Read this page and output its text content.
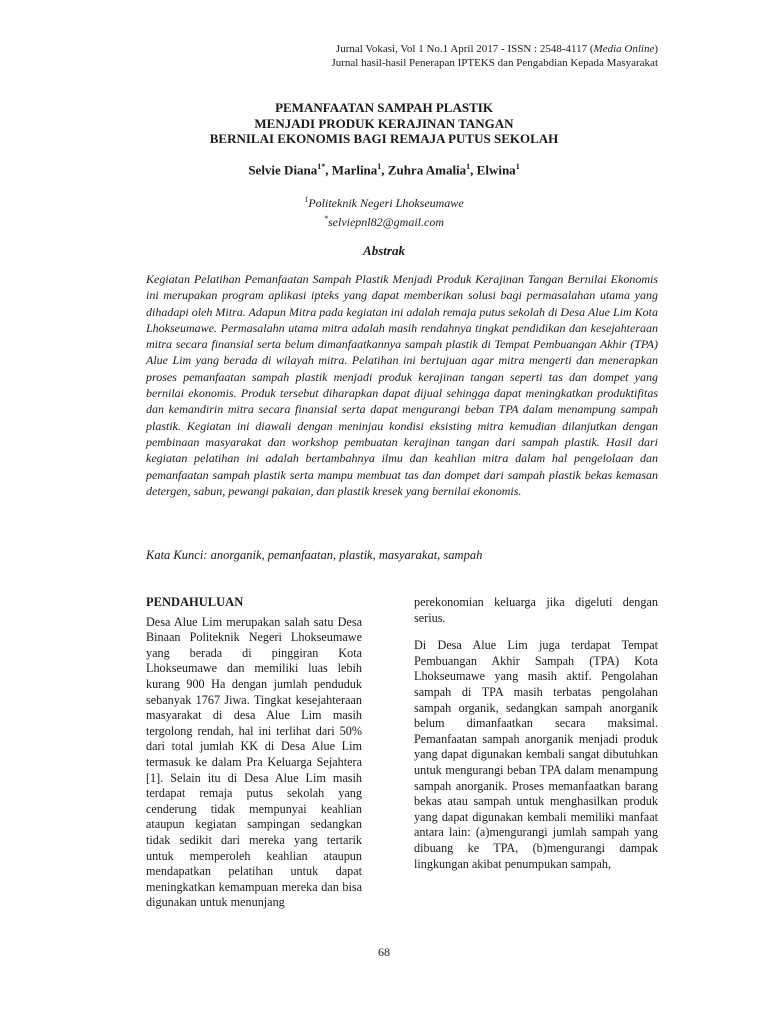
Jurnal Vokasi, Vol 1 No.1 April 2017 - ISSN : 2548-4117 (Media Online)
Jurnal hasil-hasil Penerapan IPTEKS dan Pengabdian Kepada Masyarakat
PEMANFAATAN SAMPAH PLASTIK
MENJADI PRODUK KERAJINAN TANGAN
BERNILAI EKONOMIS BAGI REMAJA PUTUS SEKOLAH
Selvie Diana$^{1*}$, Marlina$^1$, Zuhra Amalia$^1$, Elwina$^1$
$^1$Politeknik Negeri Lhokseumawe
*selviepnl82@gmail.com
Abstrak

Kegiatan Pelatihan Pemanfaatan Sampah Plastik Menjadi Produk Kerajinan Tangan Bernilai Ekonomis ini merupakan program aplikasi ipteks yang dapat memberikan solusi bagi permasalahan utama yang dihadapi oleh Mitra. Adapun Mitra pada kegiatan ini adalah remaja putus sekolah di Desa Alue Lim Kota Lhokseumawe. Permasalahn utama mitra adalah masih rendahnya tingkat pendidikan dan kesejahteraan mitra secara finansial serta belum dimanfaatkannya sampah plastik di Tempat Pembuangan Akhir (TPA) Alue Lim yang berada di wilayah mitra. Pelatihan ini bertujuan agar mitra mengerti dan menerapkan proses pemanfaatan sampah plastik menjadi produk kerajinan tangan seperti tas dan dompet yang bernilai ekonomis. Produk tersebut diharapkan dapat dijual sehingga dapat meningkatkan produktifitas dan kemandirin mitra secara finansial serta dapat mengurangi beban TPA dalam menampung sampah plastik. Kegiatan ini diawali dengan meninjau kondisi eksisting mitra kemudian dilanjutkan dengan pembinaan masyarakat dan workshop pembuatan kerajinan tangan dari sampah plastik. Hasil dari kegiatan pelatihan ini adalah bertambahnya ilmu dan keahlian mitra dalam hal pengelolaan dan pemanfaatan sampah plastik serta mampu membuat tas dan dompet dari sampah plastik bekas kemasan detergen, sabun, pewangi pakaian, dan plastik kresek yang bernilai ekonomis.

Kata Kunci: anorganik, pemanfaatan, plastik, masyarakat, sampah

PENDAHULUAN

Desa Alue Lim merupakan salah satu Desa Binaan Politeknik Negeri Lhokseumawe yang berada di pinggiran Kota Lhokseumawe dan memiliki luas lebih kurang 900 Ha dengan jumlah penduduk sebanyak 1767 Jiwa. Tingkat kesejahteraan masyarakat di desa Alue Lim masih tergolong rendah, hal ini terlihat dari 50% dari total jumlah KK di Desa Alue Lim termasuk ke dalam Pra Keluarga Sejahtera [1]. Selain itu di Desa Alue Lim masih terdapat remaja putus sekolah yang cenderung tidak mempunyai keahlian ataupun kegiatan sampingan sedangkan tidak sedikit dari mereka yang tertarik untuk memperoleh keahlian ataupun mendapatkan pelatihan untuk dapat meningkatkan kemampuan mereka dan bisa digunakan untuk menunjang

perekonomian keluarga jika digeluti dengan serius.

Di Desa Alue Lim juga terdapat Tempat Pembuangan Akhir Sampah (TPA) Kota Lhokseumawe yang masih aktif. Pengolahan sampah di TPA masih terbatas pengolahan sampah organik, sedangkan sampah anorganik belum dimanfaatkan secara maksimal. Pemanfaatan sampah anorganik menjadi produk yang dapat digunakan kembali sangat dibutuhkan untuk mengurangi beban TPA dalam menampung sampah anorganik. Proses memanfaatkan barang bekas atau sampah untuk menghasilkan produk yang dapat digunakan kembali memiliki manfaat antara lain: (a)mengurangi jumlah sampah yang dibuang ke TPA, (b)mengurangi dampak lingkungan akibat penumpukan sampah,

68
